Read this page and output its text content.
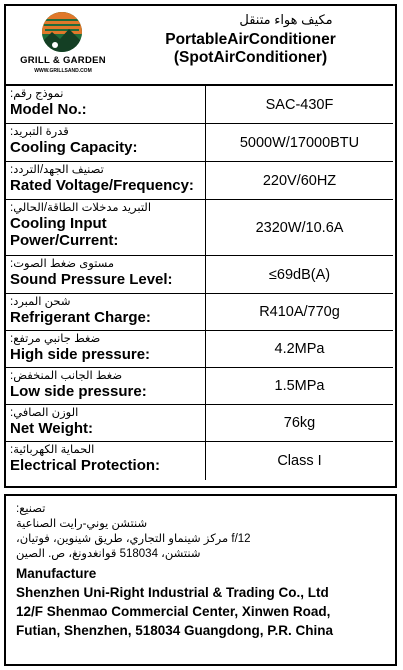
GRILL & GARDEN
WWW.GRILLSAND.COM
مكيف هواء متنقل
PortableAirConditioner
(SpotAirConditioner)
نموذج رقم:
Model No.:	SAC-430F
قدرة التبريد:
Cooling Capacity:	5000W/17000BTU
تصنيف الجهد/التردد:
Rated Voltage/Frequency:	220V/60HZ
التبريد مدخلات الطاقة/الحالي:
Cooling Input
Power/Current:
2320W/10.6A
مستوى ضغط الصوت:
Sound Pressure Level:	≤69dB(A)
شحن المبرد:
Refrigerant Charge:	R410A/770g
ضغط جانبي مرتفع:
High side pressure:	4.2MPa
ضغط الجانب المنخفض:
Low side pressure:	1.5MPa
الوزن الصافي:
Net Weight:	76kg
الحماية الكهربائية:
Electrical Protection:	Class I
تصنيع:
شنتشن يوني-رايت الصناعية
f/12 مركز شينماو التجاري، طريق شينوين، فوتيان،
شنتشن، 518034 قوانغدونغ، ص. الصين
Manufacture
Shenzhen Uni-Right Industrial & Trading Co., Ltd
12/F Shenmao Commercial Center, Xinwen Road,
Futian, Shenzhen, 518034 Guangdong, P.R. China
